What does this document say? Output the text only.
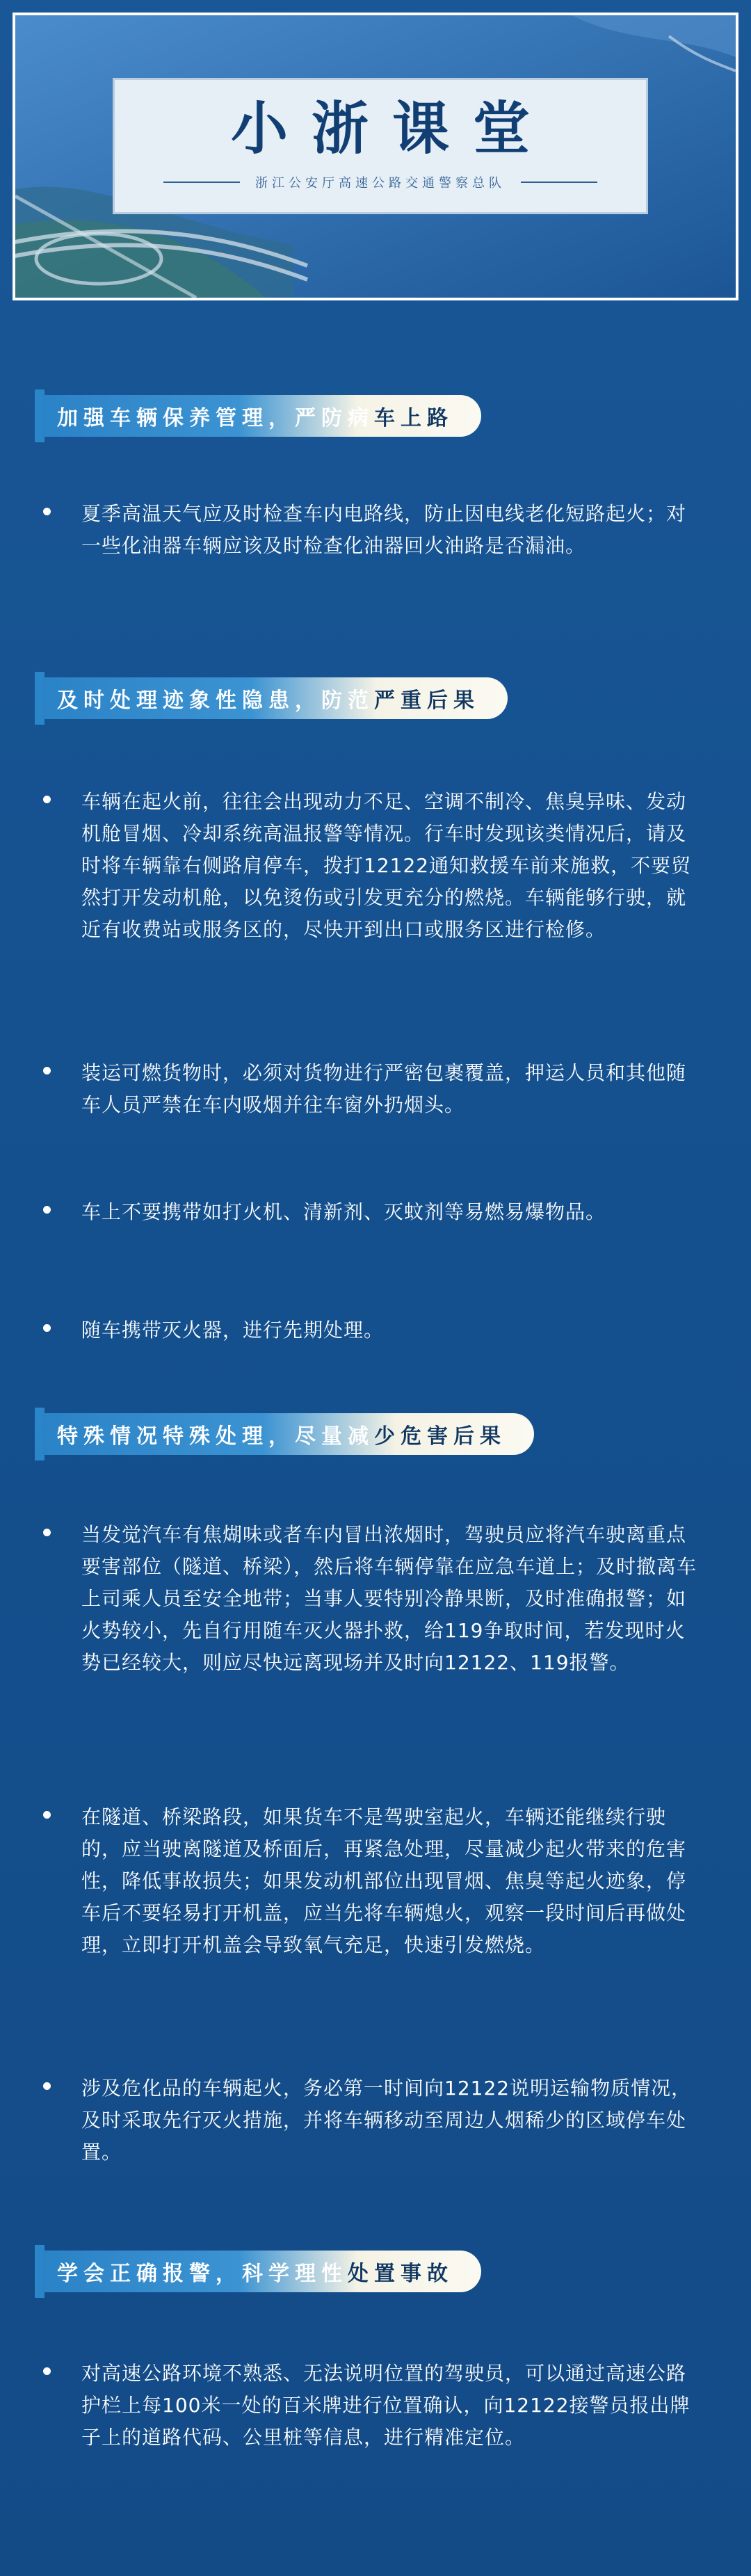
小浙课堂
浙江公安厅高速公路交通警察总队
加强车辆保养管理，严防病车上路
夏季高温天气应及时检查车内电路线，防止因电线老化短路起火；对一些化油器车辆应该及时检查化油器回火油路是否漏油。
及时处理迹象性隐患，防范严重后果
车辆在起火前，往往会出现动力不足、空调不制冷、焦臭异味、发动机舱冒烟、冷却系统高温报警等情况。行车时发现该类情况后，请及时将车辆靠右侧路肩停车，拨打12122通知救援车前来施救，不要贸然打开发动机舱，以免烫伤或引发更充分的燃烧。车辆能够行驶，就近有收费站或服务区的，尽快开到出口或服务区进行检修。
装运可燃货物时，必须对货物进行严密包裹覆盖，押运人员和其他随车人员严禁在车内吸烟并往车窗外扔烟头。
车上不要携带如打火机、清新剂、灭蚊剂等易燃易爆物品。
随车携带灭火器，进行先期处理。
特殊情况特殊处理，尽量减少危害后果
当发觉汽车有焦煳味或者车内冒出浓烟时，驾驶员应将汽车驶离重点要害部位（隧道、桥梁），然后将车辆停靠在应急车道上；及时撤离车上司乘人员至安全地带；当事人要特别冷静果断，及时准确报警；如火势较小，先自行用随车灭火器扑救，给119争取时间，若发现时火势已经较大，则应尽快远离现场并及时向12122、119报警。
在隧道、桥梁路段，如果货车不是驾驶室起火，车辆还能继续行驶的，应当驶离隧道及桥面后，再紧急处理，尽量减少起火带来的危害性，降低事故损失；如果发动机部位出现冒烟、焦臭等起火迹象，停车后不要轻易打开机盖，应当先将车辆熄火，观察一段时间后再做处理，立即打开机盖会导致氧气充足，快速引发燃烧。
涉及危化品的车辆起火，务必第一时间向12122说明运输物质情况，及时采取先行灭火措施，并将车辆移动至周边人烟稀少的区域停车处置。
学会正确报警，科学理性处置事故
对高速公路环境不熟悉、无法说明位置的驾驶员，可以通过高速公路护栏上每100米一处的百米牌进行位置确认，向12122接警员报出牌子上的道路代码、公里桩等信息，进行精准定位。
